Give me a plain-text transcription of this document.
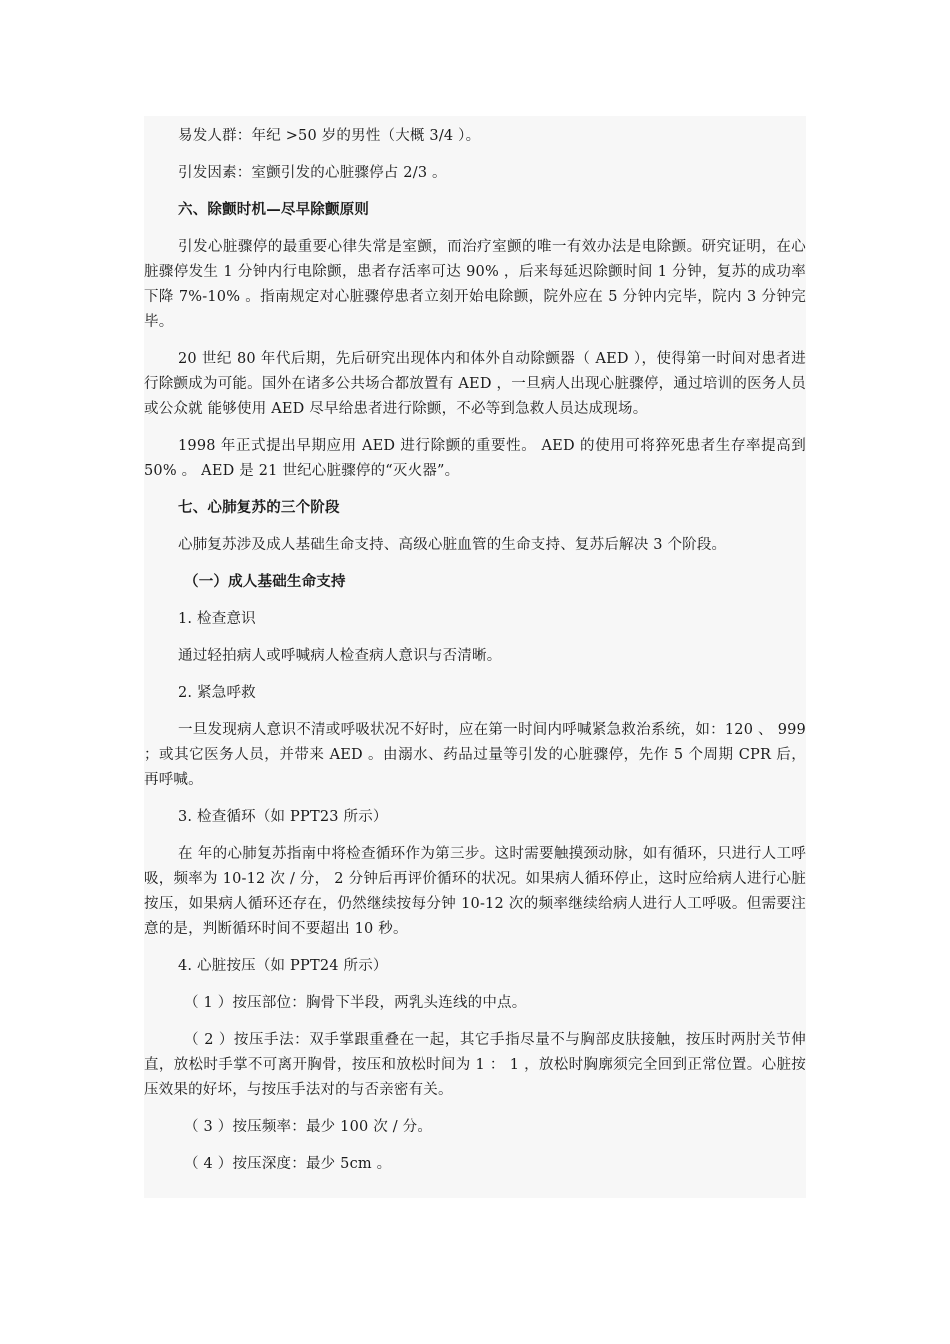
易发人群：年纪 >50 岁的男性（大概 3/4 ）。

引发因素：室颤引发的心脏骤停占 2/3 。

六、除颤时机—尽早除颤原则

引发心脏骤停的最重要心律失常是室颤，而治疗室颤的唯一有效办法是电除颤。研究证明，在心脏骤停发生 1 分钟内行电除颤，患者存活率可达 90% ，后来每延迟除颤时间 1 分钟，复苏的成功率下降 7%-10% 。指南规定对心脏骤停患者立刻开始电除颤，院外应在 5 分钟内完毕，院内 3 分钟完毕。

20 世纪 80 年代后期，先后研究出现体内和体外自动除颤器（ AED ），使得第一时间对患者进行除颤成为可能。国外在诸多公共场合都放置有 AED ，一旦病人出现心脏骤停，通过培训的医务人员或公众就 能够使用 AED 尽早给患者进行除颤，不必等到急救人员达成现场。

1998 年正式提出早期应用 AED 进行除颤的重要性。 AED 的使用可将猝死患者生存率提高到 50% 。 AED 是 21 世纪心脏骤停的“灭火器”。

七、心肺复苏的三个阶段

心肺复苏涉及成人基础生命支持、高级心脏血管的生命支持、复苏后解决 3 个阶段。

（一）成人基础生命支持

1. 检查意识

通过轻拍病人或呼喊病人检查病人意识与否清晰。

2. 紧急呼救

一旦发现病人意识不清或呼吸状况不好时，应在第一时间内呼喊紧急救治系统，如：120 、 999 ；或其它医务人员，并带来 AED 。由溺水、药品过量等引发的心脏骤停，先作 5 个周期 CPR 后，再呼喊。

3. 检查循环（如 PPT23 所示）

在 年的心肺复苏指南中将检查循环作为第三步。这时需要触摸颈动脉，如有循环，只进行人工呼吸，频率为 10-12 次 / 分， 2 分钟后再评价循环的状况。如果病人循环停止，这时应给病人进行心脏按压，如果病人循环还存在，仍然继续按每分钟 10-12 次的频率继续给病人进行人工呼吸。但需要注意的是，判断循环时间不要超出 10 秒。

4. 心脏按压（如 PPT24 所示）

（ 1 ）按压部位：胸骨下半段，两乳头连线的中点。

（ 2 ）按压手法：双手掌跟重叠在一起，其它手指尽量不与胸部皮肤接触，按压时两肘关节伸直，放松时手掌不可离开胸骨，按压和放松时间为 1 ： 1 ，放松时胸廓须完全回到正常位置。心脏按压效果的好坏，与按压手法对的与否亲密有关。

（ 3 ）按压频率：最少 100 次 / 分。

（ 4 ）按压深度：最少 5cm 。
